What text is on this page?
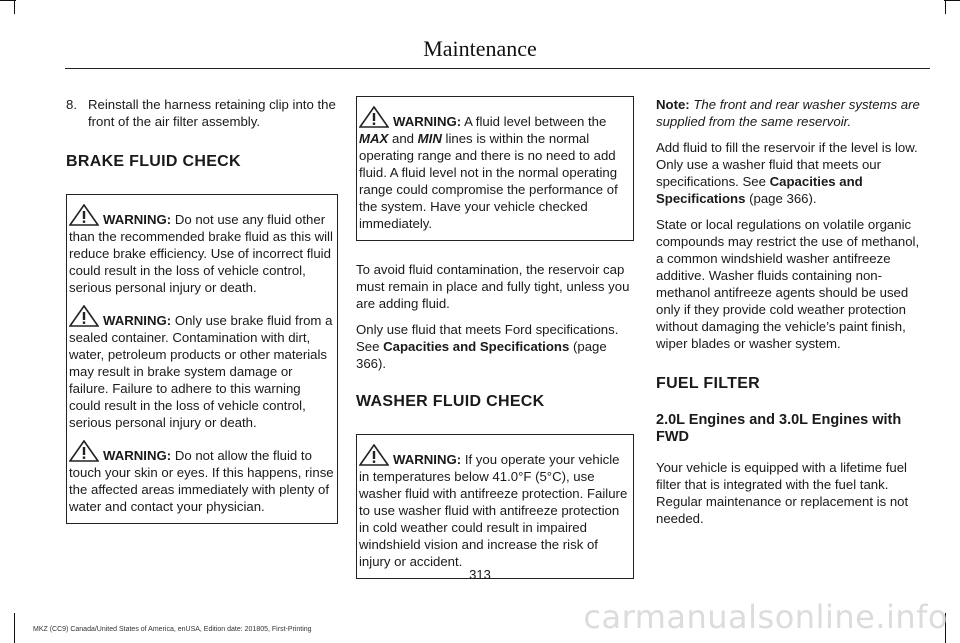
Maintenance
8. Reinstall the harness retaining clip into the front of the air filter assembly.
BRAKE FLUID CHECK

WARNING: Do not use any fluid other than the recommended brake fluid as this will reduce brake efficiency. Use of incorrect fluid could result in the loss of vehicle control, serious personal injury or death.

WARNING: Only use brake fluid from a sealed container. Contamination with dirt, water, petroleum products or other materials may result in brake system damage or failure. Failure to adhere to this warning could result in the loss of vehicle control, serious personal injury or death.

WARNING: Do not allow the fluid to touch your skin or eyes. If this happens, rinse the affected areas immediately with plenty of water and contact your physician.

WARNING: A fluid level between the MAX and MIN lines is within the normal operating range and there is no need to add fluid. A fluid level not in the normal operating range could compromise the performance of the system. Have your vehicle checked immediately.

To avoid fluid contamination, the reservoir cap must remain in place and fully tight, unless you are adding fluid.

Only use fluid that meets Ford specifications. See Capacities and Specifications (page 366).

WASHER FLUID CHECK

WARNING: If you operate your vehicle in temperatures below 41.0°F (5°C), use washer fluid with antifreeze protection. Failure to use washer fluid with antifreeze protection in cold weather could result in impaired windshield vision and increase the risk of injury or accident.

Note: The front and rear washer systems are supplied from the same reservoir.

Add fluid to fill the reservoir if the level is low. Only use a washer fluid that meets our specifications. See Capacities and Specifications (page 366).

State or local regulations on volatile organic compounds may restrict the use of methanol, a common windshield washer antifreeze additive. Washer fluids containing non-methanol antifreeze agents should be used only if they provide cold weather protection without damaging the vehicle’s paint finish, wiper blades or washer system.

FUEL FILTER
2.0L Engines and 3.0L Engines with FWD

Your vehicle is equipped with a lifetime fuel filter that is integrated with the fuel tank. Regular maintenance or replacement is not needed.

313
MKZ (CC9) Canada/United States of America, enUSA, Edition date: 201805, First-Printing	carmanualsonline.info
